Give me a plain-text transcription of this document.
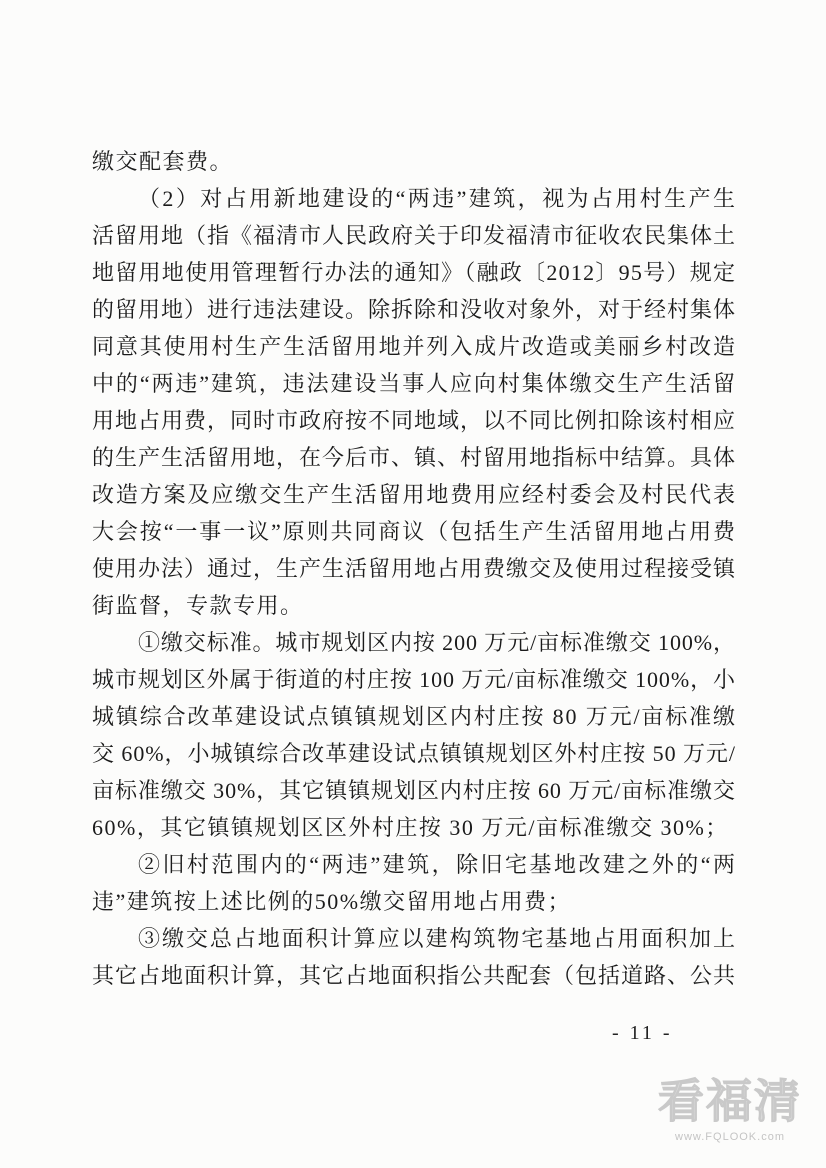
缴交配套费。
（2）对占用新地建设的“两违”建筑，视为占用村生产生
活留用地（指《福清市人民政府关于印发福清市征收农民集体土
地留用地使用管理暂行办法的通知》（融政〔2012〕95号）规定
的留用地）进行违法建设。除拆除和没收对象外，对于经村集体
同意其使用村生产生活留用地并列入成片改造或美丽乡村改造
中的“两违”建筑，违法建设当事人应向村集体缴交生产生活留
用地占用费，同时市政府按不同地域，以不同比例扣除该村相应
的生产生活留用地，在今后市、镇、村留用地指标中结算。具体
改造方案及应缴交生产生活留用地费用应经村委会及村民代表
大会按“一事一议”原则共同商议（包括生产生活留用地占用费
使用办法）通过，生产生活留用地占用费缴交及使用过程接受镇
街监督，专款专用。
①缴交标准。城市规划区内按 200 万元/亩标准缴交 100%，
城市规划区外属于街道的村庄按 100 万元/亩标准缴交 100%，小
城镇综合改革建设试点镇镇规划区内村庄按 80 万元/亩标准缴
交 60%，小城镇综合改革建设试点镇镇规划区外村庄按 50 万元/
亩标准缴交 30%，其它镇镇规划区内村庄按 60 万元/亩标准缴交
60%，其它镇镇规划区区外村庄按 30 万元/亩标准缴交 30%；
②旧村范围内的“两违”建筑，除旧宅基地改建之外的“两
违”建筑按上述比例的50%缴交留用地占用费；
③缴交总占地面积计算应以建构筑物宅基地占用面积加上
其它占地面积计算，其它占地面积指公共配套（包括道路、公共
- 11 -
看福清
www.FQLOOK.com
